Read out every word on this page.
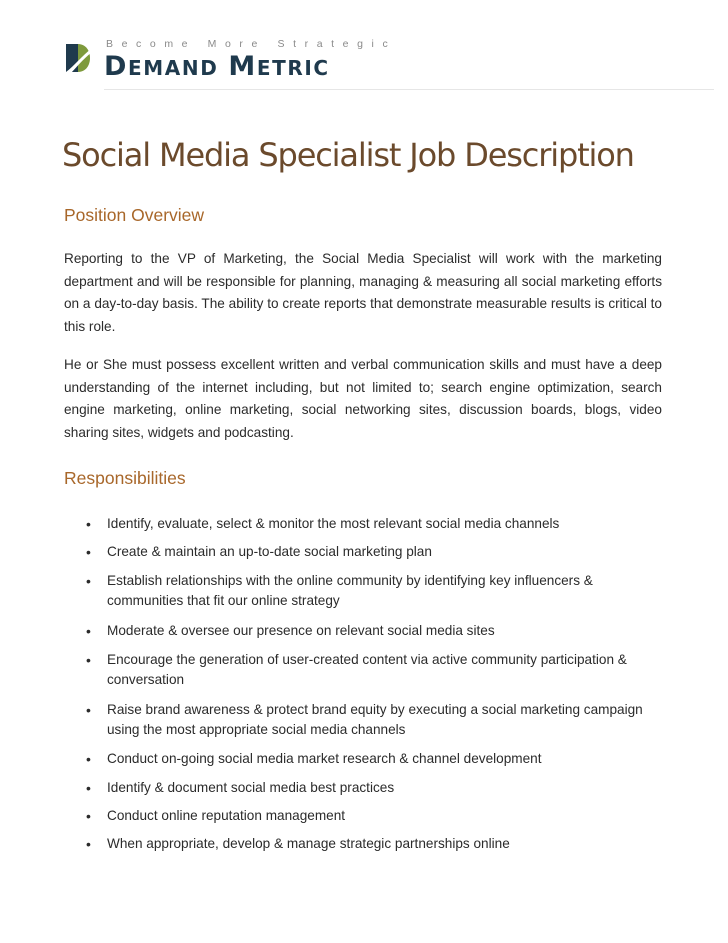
Become More Strategic
DEMAND METRIC
Social Media Specialist Job Description
Position Overview

Reporting to the VP of Marketing, the Social Media Specialist will work with the marketing department and will be responsible for planning, managing & measuring all social marketing efforts on a day-to-day basis. The ability to create reports that demonstrate measurable results is critical to this role.

He or She must possess excellent written and verbal communication skills and must have a deep understanding of the internet including, but not limited to; search engine optimization, search engine marketing, online marketing, social networking sites, discussion boards, blogs, video sharing sites, widgets and podcasting.

Responsibilities
• Identify, evaluate, select & monitor the most relevant social media channels
• Create & maintain an up-to-date social marketing plan
• Establish relationships with the online community by identifying key influencers & communities that fit our online strategy
• Moderate & oversee our presence on relevant social media sites
• Encourage the generation of user-created content via active community participation & conversation
• Raise brand awareness & protect brand equity by executing a social marketing campaign using the most appropriate social media channels
• Conduct on-going social media market research & channel development
• Identify & document social media best practices
• Conduct online reputation management
• When appropriate, develop & manage strategic partnerships online
